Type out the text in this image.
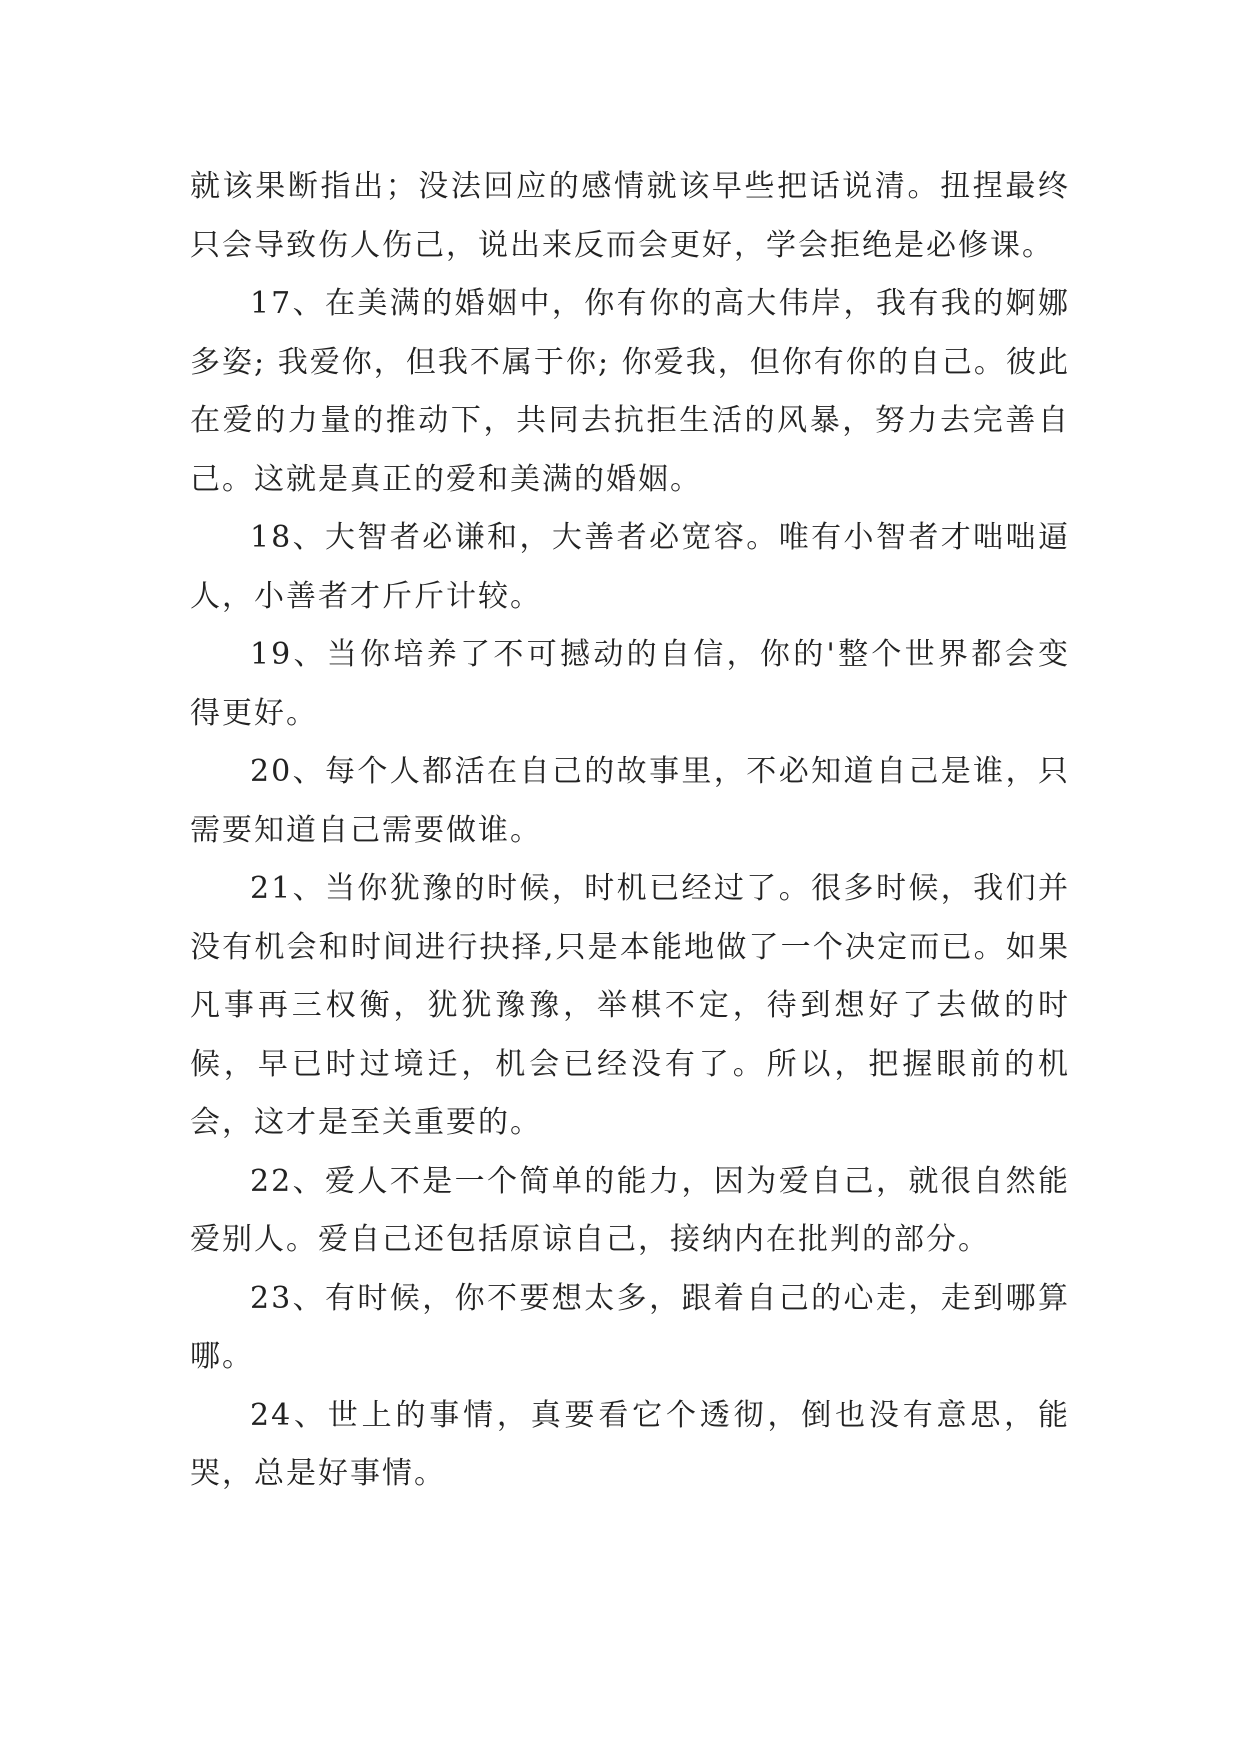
就该果断指出；没法回应的感情就该早些把话说清。扭捏最终只会导致伤人伤己，说出来反而会更好，学会拒绝是必修课。

17、在美满的婚姻中，你有你的高大伟岸，我有我的婀娜多姿; 我爱你，但我不属于你; 你爱我，但你有你的自己。彼此在爱的力量的推动下，共同去抗拒生活的风暴，努力去完善自己。这就是真正的爱和美满的婚姻。

18、大智者必谦和，大善者必宽容。唯有小智者才咄咄逼人，小善者才斤斤计较。

19、当你培养了不可撼动的自信，你的'整个世界都会变得更好。

20、每个人都活在自己的故事里，不必知道自己是谁，只需要知道自己需要做谁。

21、当你犹豫的时候，时机已经过了。很多时候，我们并没有机会和时间进行抉择,只是本能地做了一个决定而已。如果凡事再三权衡，犹犹豫豫，举棋不定，待到想好了去做的时候，早已时过境迁，机会已经没有了。所以，把握眼前的机会，这才是至关重要的。

22、爱人不是一个简单的能力，因为爱自己，就很自然能爱别人。爱自己还包括原谅自己，接纳内在批判的部分。

23、有时候，你不要想太多，跟着自己的心走，走到哪算哪。

24、世上的事情，真要看它个透彻，倒也没有意思，能哭，总是好事情。
